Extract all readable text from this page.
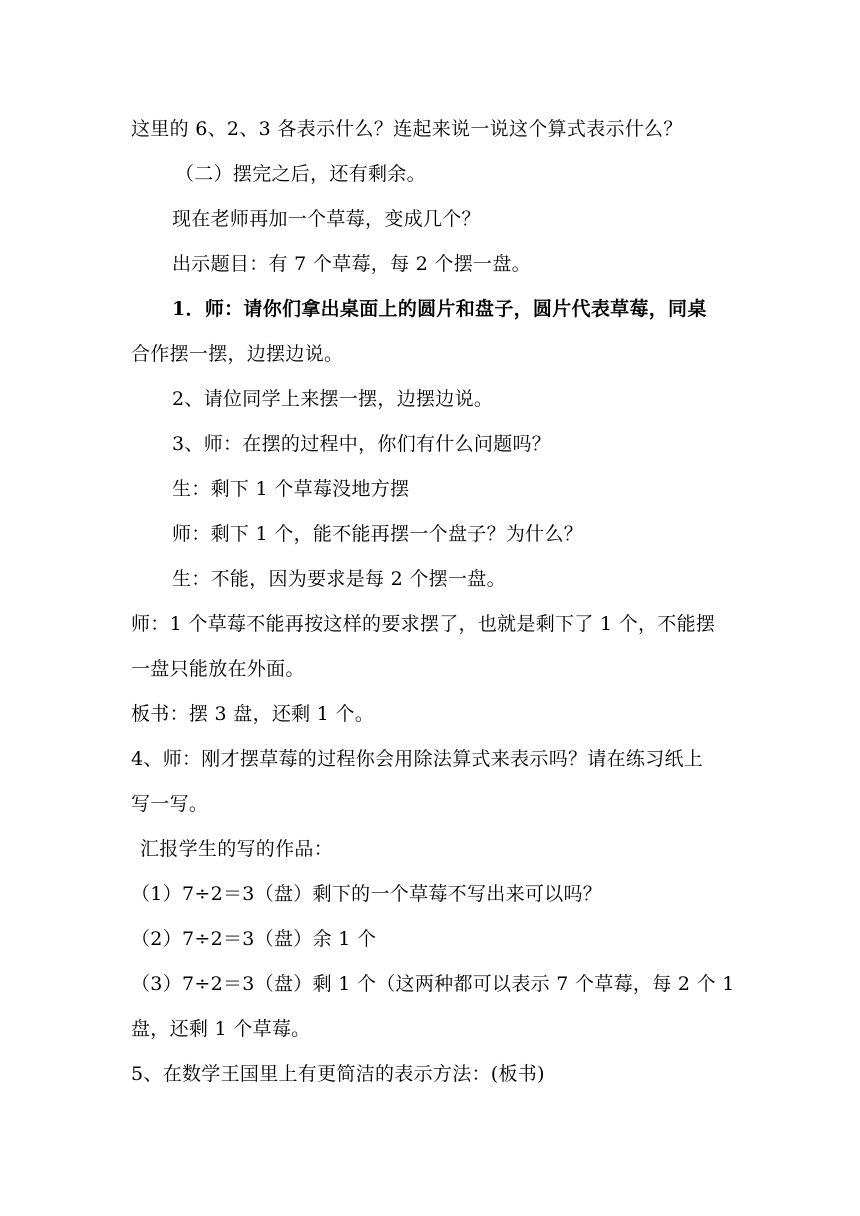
这里的 6、2、3 各表示什么？连起来说一说这个算式表示什么？
（二）摆完之后，还有剩余。
现在老师再加一个草莓，变成几个？
出示题目：有 7 个草莓，每 2 个摆一盘。
1．师：请你们拿出桌面上的圆片和盘子，圆片代表草莓，同桌
合作摆一摆，边摆边说。
2、请位同学上来摆一摆，边摆边说。
3、师：在摆的过程中，你们有什么问题吗？
生：剩下 1 个草莓没地方摆
师：剩下 1 个，能不能再摆一个盘子？为什么？
生：不能，因为要求是每 2 个摆一盘。
师：1 个草莓不能再按这样的要求摆了，也就是剩下了 1 个，不能摆
一盘只能放在外面。
板书：摆 3 盘，还剩 1 个。
4、师：刚才摆草莓的过程你会用除法算式来表示吗？请在练习纸上
写一写。
汇报学生的写的作品：
（1）7÷2＝3（盘）剩下的一个草莓不写出来可以吗？
（2）7÷2＝3（盘）余 1 个
（3）7÷2＝3（盘）剩 1 个（这两种都可以表示 7 个草莓，每 2 个 1
盘，还剩 1 个草莓。
5、在数学王国里上有更简洁的表示方法：(板书)
